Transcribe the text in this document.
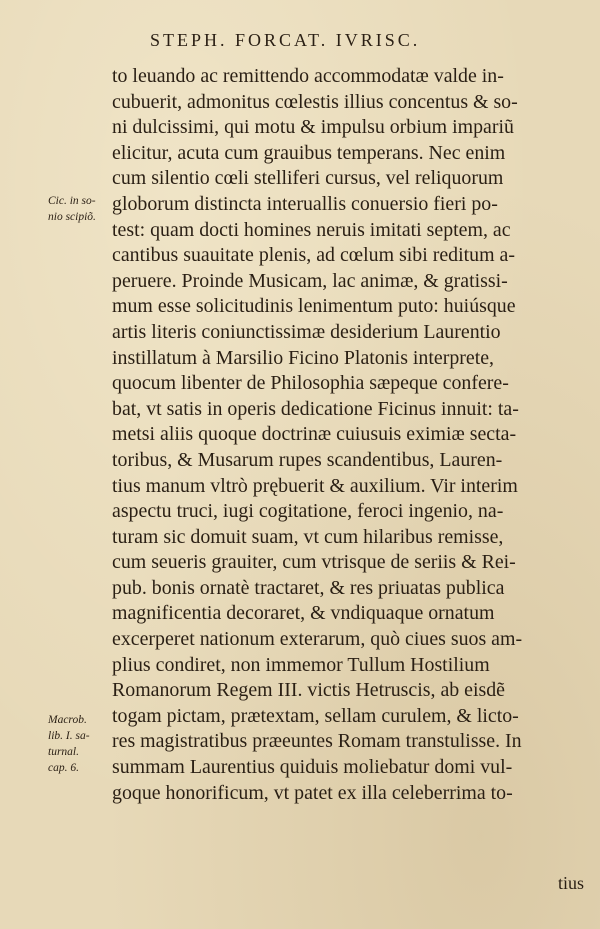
STEPH. FORCAT. IVRISC.
to leuando ac remittendo accommodatæ valde in-
cubuerit, admonitus cœlestis illius concentus & so-
ni dulcissimi, qui motu & impulsu orbium impariũ
elicitur, acuta cum grauibus temperans. Nec enim
cum silentio cœli stelliferi cursus, vel reliquorum
globorum distincta interuallis conuersio fieri po-
test: quam docti homines neruis imitati septem, ac
cantibus suauitate plenis, ad cœlum sibi reditum a-
peruere. Proinde Musicam, lac animæ, & gratissi-
mum esse solicitudinis lenimentum puto: huiúsque
artis literis coniunctissimæ desiderium Laurentio
instillatum à Marsilio Ficino Platonis interprete,
quocum libenter de Philosophia sæpeque confere-
bat, vt satis in operis dedicatione Ficinus innuit: ta-
metsi aliis quoque doctrinæ cuiusuis eximiæ secta-
toribus, & Musarum rupes scandentibus, Lauren-
tius manum vltrò prębuerit & auxilium. Vir interim
aspectu truci, iugi cogitatione, feroci ingenio, na-
turam sic domuit suam, vt cum hilaribus remisse,
cum seueris grauiter, cum vtrisque de seriis & Rei-
pub. bonis ornatè tractaret, & res priuatas publica
magnificentia decoraret, & vndiquaque ornatum
excerperet nationum exterarum, quò ciues suos am-
plius condiret, non immemor Tullum Hostilium
Romanorum Regem III. victis Hetruscis, ab eisdẽ
togam pictam, prætextam, sellam curulem, & licto-
res magistratibus præeuntes Romam transtulisse. In
summam Laurentius quiduis moliebatur domi vul-
goque honorificum, vt patet ex illa celeberrima to-
Cic. in so-
nio scipiõ.
Macrob.
lib. I. sa-
turnal.
cap. 6.
tius
